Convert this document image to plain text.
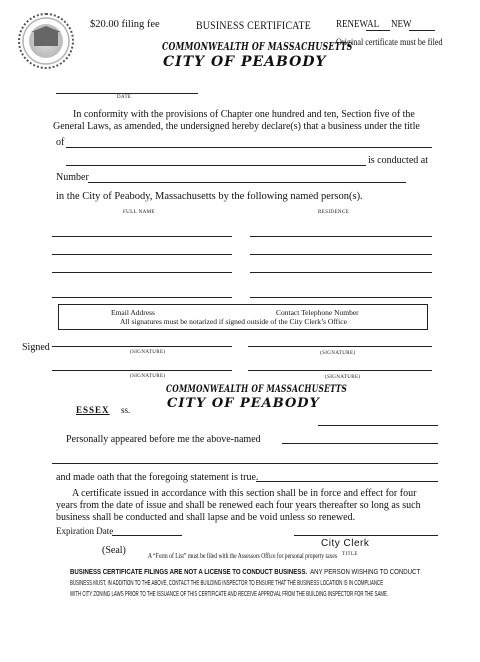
$20.00 filing fee	BUSINESS CERTIFICATE RENEWAL NEW
COMMONWEALTH OF MASSACHUSETTS
Original certificate must be filed
CITY OF PEABODY
DATE
In conformity with the provisions of Chapter one hundred and ten, Section five of the
General Laws, as amended, the undersigned hereby declare(s) that a business under the title
of
is conducted at
Number
in the City of Peabody, Massachusetts by the following named person(s).
FULL NAME	RESIDENCE
Email Address	Contact Telephone Number
All signatures must be notarized if signed outside of the City Clerk’s Office
Signed	(SIGNATURE)	(SIGNATURE)
(SIGNATURE)	(SIGNATURE)
COMMONWEALTH OF MASSACHUSETTS
CITY OF PEABODY
ESSEX ss.
Personally appeared before me the above-named
and made oath that the foregoing statement is true.
A certificate issued in accordance with this section shall be in force and effect for four
years from the date of issue and shall be renewed each four years thereafter so long as such
business shall be conducted and shall lapse and be void unless so renewed.
Expiration Date
(Seal)	A “Form of List” must be filed with the Assessors Office for personal property taxes
City Clerk
TITLE
BUSINESS CERTIFICATE FILINGS ARE NOT A LICENSE TO CONDUCT BUSINESS. ANY PERSON WISHING TO CONDUCT
BUSINESS MUST, IN ADDITION TO THE ABOVE, CONTACT THE BUILDING INSPECTOR TO ENSURE THAT THE BUSINESS LOCATION IS IN COMPLIANCE
WITH CITY ZONING LAWS PRIOR TO THE ISSUANCE OF THIS CERTIFICATE AND RECEIVE APPROVAL FROM THE BUILDING INSPECTOR FOR THE SAME.
